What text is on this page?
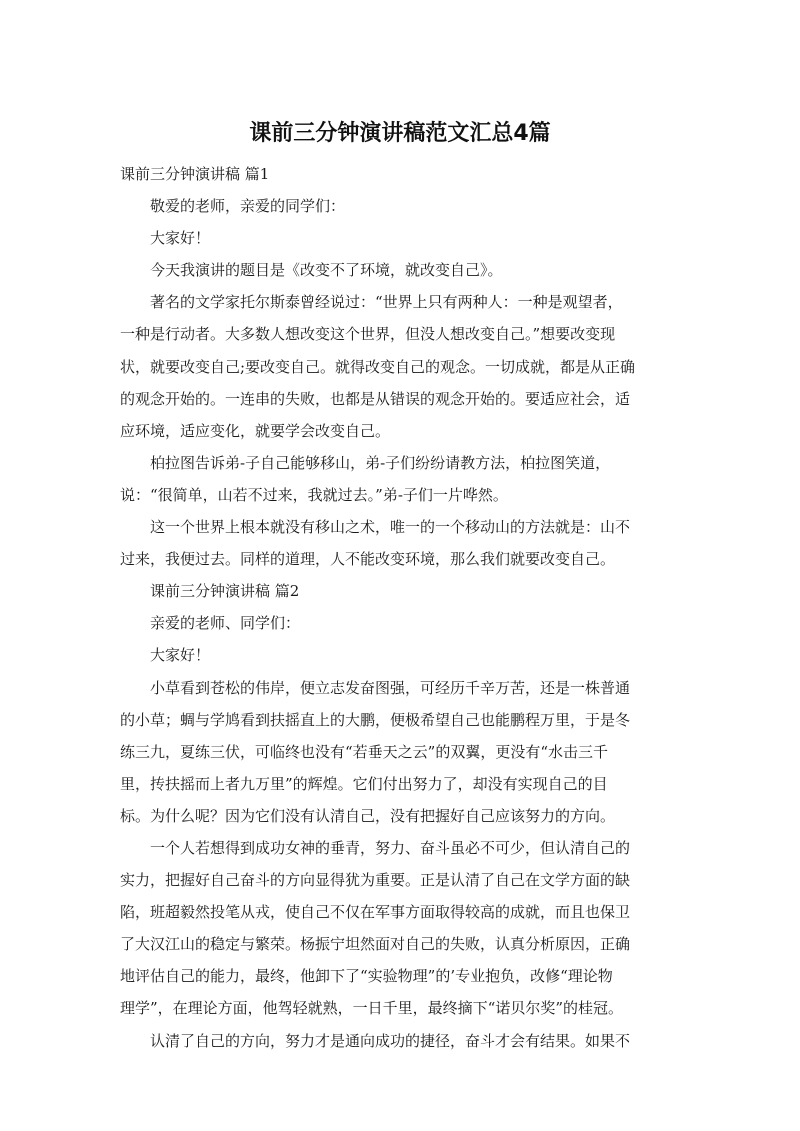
课前三分钟演讲稿范文汇总4篇
课前三分钟演讲稿 篇1
敬爱的老师，亲爱的同学们：
大家好！
今天我演讲的题目是《改变不了环境，就改变自己》。
著名的文学家托尔斯泰曾经说过：“世界上只有两种人：一种是观望者，
一种是行动者。大多数人想改变这个世界，但没人想改变自己。”想要改变现
状，就要改变自己;要改变自己。就得改变自己的观念。一切成就，都是从正确
的观念开始的。一连串的失败，也都是从错误的观念开始的。要适应社会，适
应环境，适应变化，就要学会改变自己。
柏拉图告诉弟-子自己能够移山，弟-子们纷纷请教方法，柏拉图笑道，
说：“很简单，山若不过来，我就过去。”弟-子们一片哗然。
这一个世界上根本就没有移山之术，唯一的一个移动山的方法就是：山不
过来，我便过去。同样的道理，人不能改变环境，那么我们就要改变自己。
课前三分钟演讲稿 篇2
亲爱的老师、同学们：
大家好！
小草看到苍松的伟岸，便立志发奋图强，可经历千辛万苦，还是一株普通
的小草；蜩与学鸠看到扶摇直上的大鹏，便极希望自己也能鹏程万里，于是冬
练三九，夏练三伏，可临终也没有“若垂天之云”的双翼，更没有“水击三千
里，抟扶摇而上者九万里”的辉煌。它们付出努力了，却没有实现自己的目
标。为什么呢？因为它们没有认清自己，没有把握好自己应该努力的方向。
一个人若想得到成功女神的垂青，努力、奋斗虽必不可少，但认清自己的
实力，把握好自己奋斗的方向显得犹为重要。正是认清了自己在文学方面的缺
陷，班超毅然投笔从戎，使自己不仅在军事方面取得较高的成就，而且也保卫
了大汉江山的稳定与繁荣。杨振宁坦然面对自己的失败，认真分析原因，正确
地评估自己的能力，最终，他卸下了“实验物理”的’专业抱负，改修“理论物
理学”，在理论方面，他驾轻就熟，一日千里，最终摘下“诺贝尔奖”的桂冠。
认清了自己的方向，努力才是通向成功的捷径，奋斗才会有结果。如果不
